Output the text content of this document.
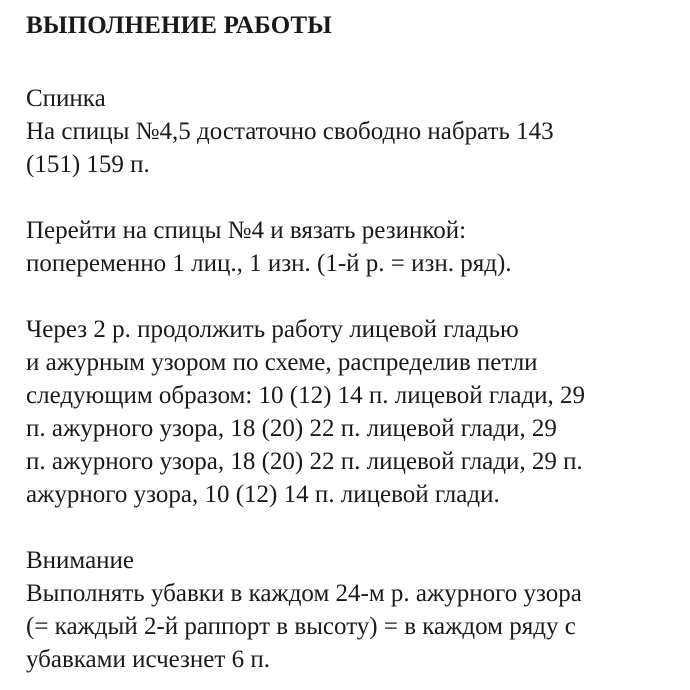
ВЫПОЛНЕНИЕ РАБОТЫ

Спинка
На спицы №4,5 достаточно свободно набрать 143
(151) 159 п.

Перейти на спицы №4 и вязать резинкой:
попеременно 1 лиц., 1 изн. (1-й р. = изн. ряд).

Через 2 р. продолжить работу лицевой гладью
и ажурным узором по схеме, распределив петли
следующим образом: 10 (12) 14 п. лицевой глади, 29
п. ажурного узора, 18 (20) 22 п. лицевой глади, 29
п. ажурного узора, 18 (20) 22 п. лицевой глади, 29 п.
ажурного узора, 10 (12) 14 п. лицевой глади.

Внимание
Выполнять убавки в каждом 24-м р. ажурного узора
(= каждый 2-й раппорт в высоту) = в каждом ряду с
убавками исчезнет 6 п.
